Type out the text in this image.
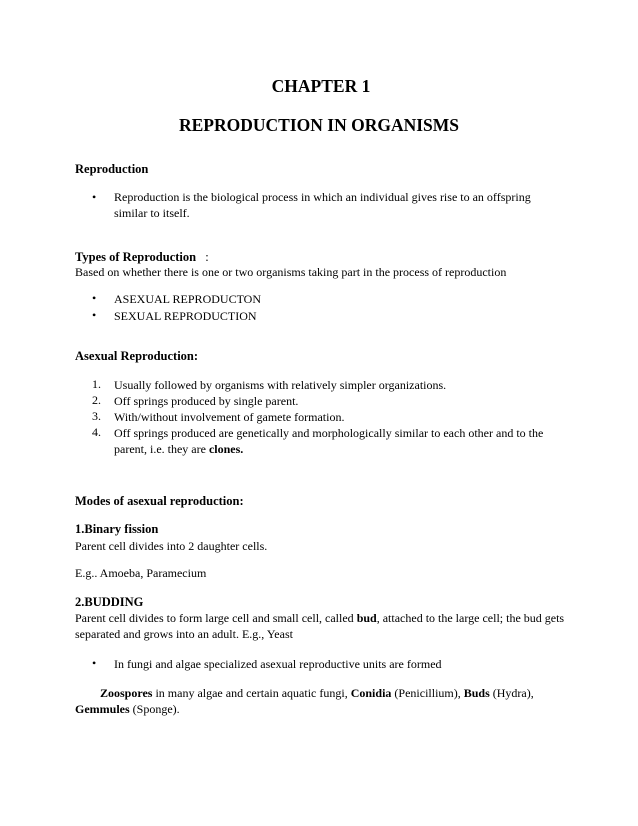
CHAPTER 1
REPRODUCTION IN ORGANISMS
Reproduction
•	Reproduction is the biological process in which an individual gives rise to an offspring similar to itself.
Types of Reproduction :
Based on whether there is one or two organisms taking part in the process of reproduction
•	ASEXUAL REPRODUCTON
•	SEXUAL REPRODUCTION
Asexual Reproduction:
1.	Usually followed by organisms with relatively simpler organizations.
2.	Off springs produced by single parent.
3.	With/without involvement of gamete formation.
4.	Off springs produced are genetically and morphologically similar to each other and to the parent, i.e. they are clones.
Modes of asexual reproduction:
1.Binary fission
Parent cell divides into 2 daughter cells.
E.g.. Amoeba, Paramecium
2.BUDDING
Parent cell divides to form large cell and small cell, called bud, attached to the large cell; the bud gets separated and grows into an adult. E.g., Yeast
•	In fungi and algae specialized asexual reproductive units are formed
Zoospores in many algae and certain aquatic fungi, Conidia (Penicillium), Buds (Hydra), Gemmules (Sponge).
